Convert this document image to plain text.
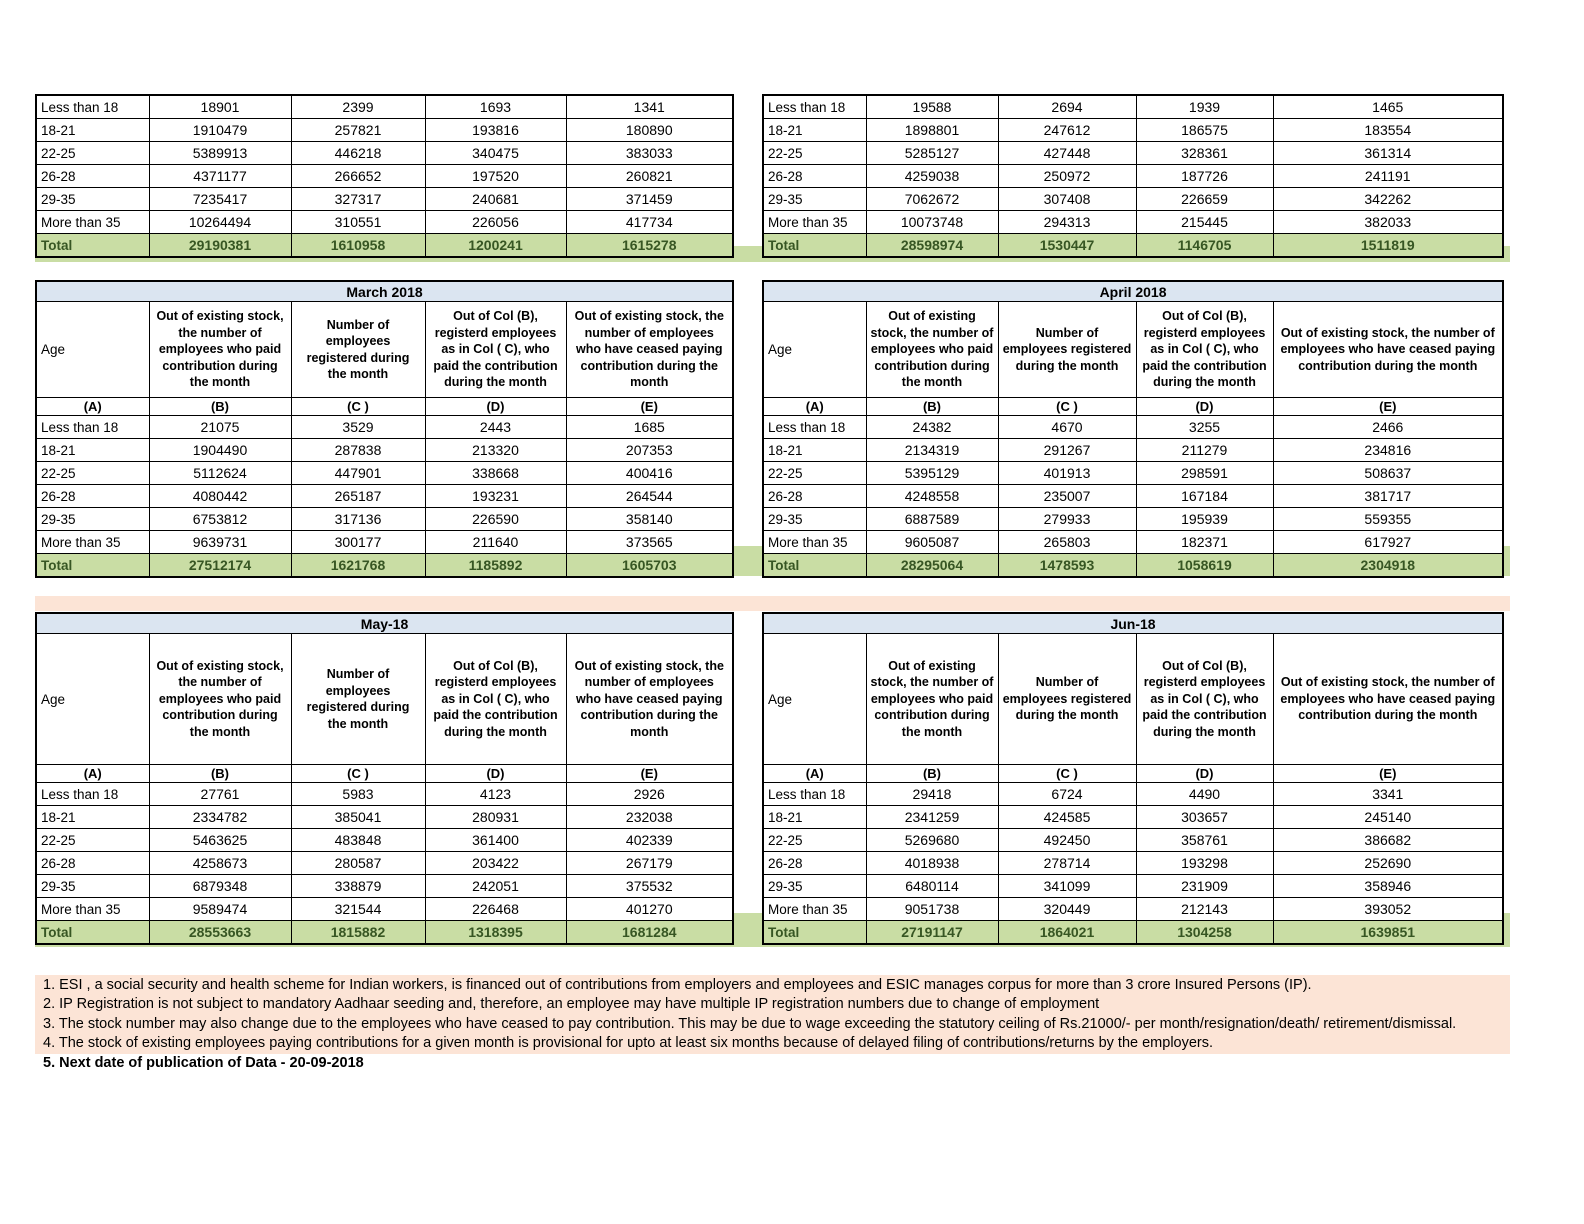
1. ESI , a social security and health scheme for Indian workers, is financed out of contributions from employers and employees and ESIC manages corpus for more than 3 crore Insured Persons (IP).
2. IP Registration is not subject to mandatory Aadhaar seeding and, therefore, an employee may have multiple IP registration numbers due to change of employment
3. The stock number may also change due to the employees who have ceased to pay contribution. This may be due to wage exceeding the statutory ceiling of Rs.21000/- per month/resignation/death/ retirement/dismissal.
4. The stock of existing employees paying contributions for a given month is provisional for upto at least six months because of delayed filing of contributions/returns by the employers.
5. Next date of publication of Data - 20-09-2018
Less than 18	18901	2399	1693	1341
18-21	1910479	257821	193816	180890
22-25	5389913	446218	340475	383033
26-28	4371177	266652	197520	260821
29-35	7235417	327317	240681	371459
More than 35	10264494	310551	226056	417734
Total	29190381	1610958	1200241	1615278
Less than 18	19588	2694	1939	1465
18-21	1898801	247612	186575	183554
22-25	5285127	427448	328361	361314
26-28	4259038	250972	187726	241191
29-35	7062672	307408	226659	342262
More than 35	10073748	294313	215445	382033
Total	28598974	1530447	1146705	1511819
March 2018				
Age	Out of existing stock, the number of employees who paid contribution during the month	Number of employees registered during the month	Out of Col (B), registerd employees as in Col ( C), who paid the contribution during the month	Out of existing stock, the number of employees who have ceased paying contribution during the month

(A)	(B)	(C )	(D)	(E)
Less than 18	21075	3529	2443	1685
18-21	1904490	287838	213320	207353
22-25	5112624	447901	338668	400416
26-28	4080442	265187	193231	264544
29-35	6753812	317136	226590	358140
More than 35	9639731	300177	211640	373565
Total	27512174	1621768	1185892	1605703
April 2018				
Age	Out of existing stock, the number of employees who paid contribution during the month	Number of employees registered during the month	Out of Col (B), registerd employees as in Col ( C), who paid the contribution during the month	Out of existing stock, the number of employees who have ceased paying contribution during the month

(A)	(B)	(C )	(D)	(E)
Less than 18	24382	4670	3255	2466
18-21	2134319	291267	211279	234816
22-25	5395129	401913	298591	508637
26-28	4248558	235007	167184	381717
29-35	6887589	279933	195939	559355
More than 35	9605087	265803	182371	617927
Total	28295064	1478593	1058619	2304918
May-18				
Age	Out of existing stock, the number of employees who paid contribution during the month	Number of employees registered during the month	Out of Col (B), registerd employees as in Col ( C), who paid the contribution during the month	Out of existing stock, the number of employees who have ceased paying contribution during the month

(A)	(B)	(C )	(D)	(E)
Less than 18	27761	5983	4123	2926
18-21	2334782	385041	280931	232038
22-25	5463625	483848	361400	402339
26-28	4258673	280587	203422	267179
29-35	6879348	338879	242051	375532
More than 35	9589474	321544	226468	401270
Total	28553663	1815882	1318395	1681284
Jun-18				
Age	Out of existing stock, the number of employees who paid contribution during the month	Number of employees registered during the month	Out of Col (B), registerd employees as in Col ( C), who paid the contribution during the month	Out of existing stock, the number of employees who have ceased paying contribution during the month

(A)	(B)	(C )	(D)	(E)
Less than 18	29418	6724	4490	3341
18-21	2341259	424585	303657	245140
22-25	5269680	492450	358761	386682
26-28	4018938	278714	193298	252690
29-35	6480114	341099	231909	358946
More than 35	9051738	320449	212143	393052
Total	27191147	1864021	1304258	1639851
